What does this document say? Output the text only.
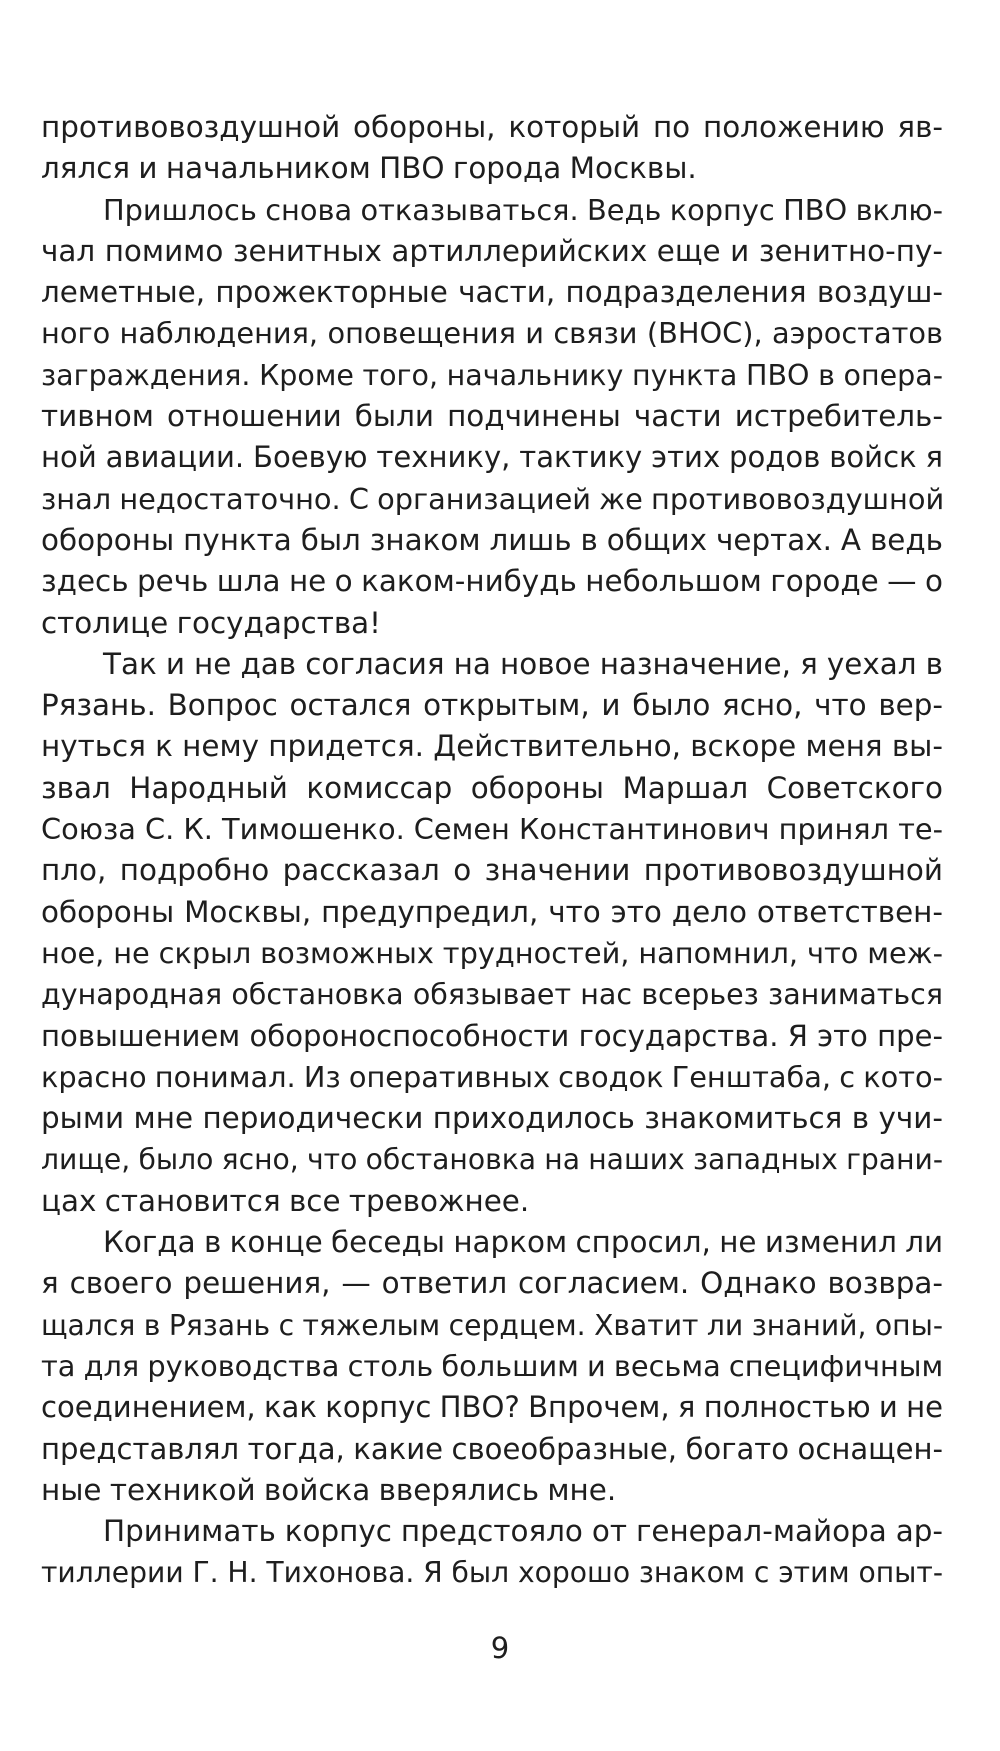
противовоздушной обороны, который по положению яв-
лялся и начальником ПВО города Москвы.
Пришлось снова отказываться. Ведь корпус ПВО вклю-
чал помимо зенитных артиллерийских еще и зенитно-пу-
леметные, прожекторные части, подразделения воздуш-
ного наблюдения, оповещения и связи (ВНОС), аэростатов
заграждения. Кроме того, начальнику пункта ПВО в опера-
тивном отношении были подчинены части истребитель-
ной авиации. Боевую технику, тактику этих родов войск я
знал недостаточно. С организацией же противовоздушной
обороны пункта был знаком лишь в общих чертах. А ведь
здесь речь шла не о каком-нибудь небольшом городе — о
столице государства!
Так и не дав согласия на новое назначение, я уехал в
Рязань. Вопрос остался открытым, и было ясно, что вер-
нуться к нему придется. Действительно, вскоре меня вы-
звал Народный комиссар обороны Маршал Советского
Союза С. К. Тимошенко. Семен Константинович принял те-
пло, подробно рассказал о значении противовоздушной
обороны Москвы, предупредил, что это дело ответствен-
ное, не скрыл возможных трудностей, напомнил, что меж-
дународная обстановка обязывает нас всерьез заниматься
повышением обороноспособности государства. Я это пре-
красно понимал. Из оперативных сводок Генштаба, с кото-
рыми мне периодически приходилось знакомиться в учи-
лище, было ясно, что обстановка на наших западных грани-
цах становится все тревожнее.
Когда в конце беседы нарком спросил, не изменил ли
я своего решения, — ответил согласием. Однако возвра-
щался в Рязань с тяжелым сердцем. Хватит ли знаний, опы-
та для руководства столь большим и весьма специфичным
соединением, как корпус ПВО? Впрочем, я полностью и не
представлял тогда, какие своеобразные, богато оснащен-
ные техникой войска вверялись мне.
Принимать корпус предстояло от генерал-майора ар-
тиллерии Г. Н. Тихонова. Я был хорошо знаком с этим опыт-
9
